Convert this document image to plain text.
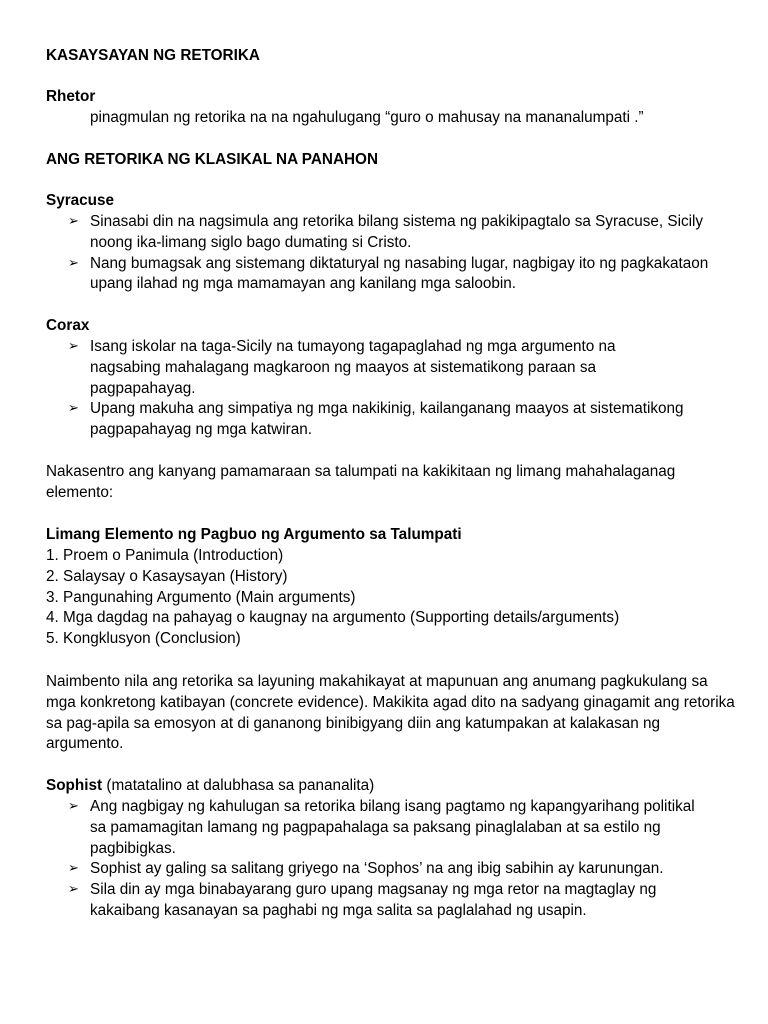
KASAYSAYAN NG RETORIKA
Rhetor
pinagmulan ng retorika na na ngahulugang “guro o mahusay na mananalumpati .”
ANG RETORIKA NG KLASIKAL NA PANAHON
Syracuse
➢ Sinasabi din na nagsimula ang retorika bilang sistema ng pakikipagtalo sa Syracuse, Sicily noong ika-limang siglo bago dumating si Cristo.
➢ Nang bumagsak ang sistemang diktaturyal ng nasabing lugar, nagbigay ito ng pagkakataon upang ilahad ng mga mamamayan ang kanilang mga saloobin.
Corax
➢ Isang iskolar na taga-Sicily na tumayong tagapaglahad ng mga argumento na nagsabing mahalagang magkaroon ng maayos at sistematikong paraan sa pagpapahayag.
➢ Upang makuha ang simpatiya ng mga nakikinig, kailanganang maayos at sistematikong pagpapahayag ng mga katwiran.
Nakasentro ang kanyang pamamaraan sa talumpati na kakikitaan ng limang mahahalaganag elemento:
Limang Elemento ng Pagbuo ng Argumento sa Talumpati
1. Proem o Panimula (Introduction)
2. Salaysay o Kasaysayan (History)
3. Pangunahing Argumento (Main arguments)
4. Mga dagdag na pahayag o kaugnay na argumento (Supporting details/arguments)
5. Kongklusyon (Conclusion)
Naimbento nila ang retorika sa layuning makahikayat at mapunuan ang anumang pagkukulang sa mga konkretong katibayan (concrete evidence). Makikita agad dito na sadyang ginagamit ang retorika sa pag-apila sa emosyon at di gananong binibigyang diin ang katumpakan at kalakasan ng argumento.
Sophist (matatalino at dalubhasa sa pananalita)
➢ Ang nagbigay ng kahulugan sa retorika bilang isang pagtamo ng kapangyarihang politikal sa pamamagitan lamang ng pagpapahalaga sa paksang pinaglalaban at sa estilo ng pagbibigkas.
➢ Sophist ay galing sa salitang griyego na ‘Sophos’ na ang ibig sabihin ay karunungan.
➢ Sila din ay mga binabayarang guro upang magsanay ng mga retor na magtaglay ng kakaibang kasanayan sa paghabi ng mga salita sa paglalahad ng usapin.
